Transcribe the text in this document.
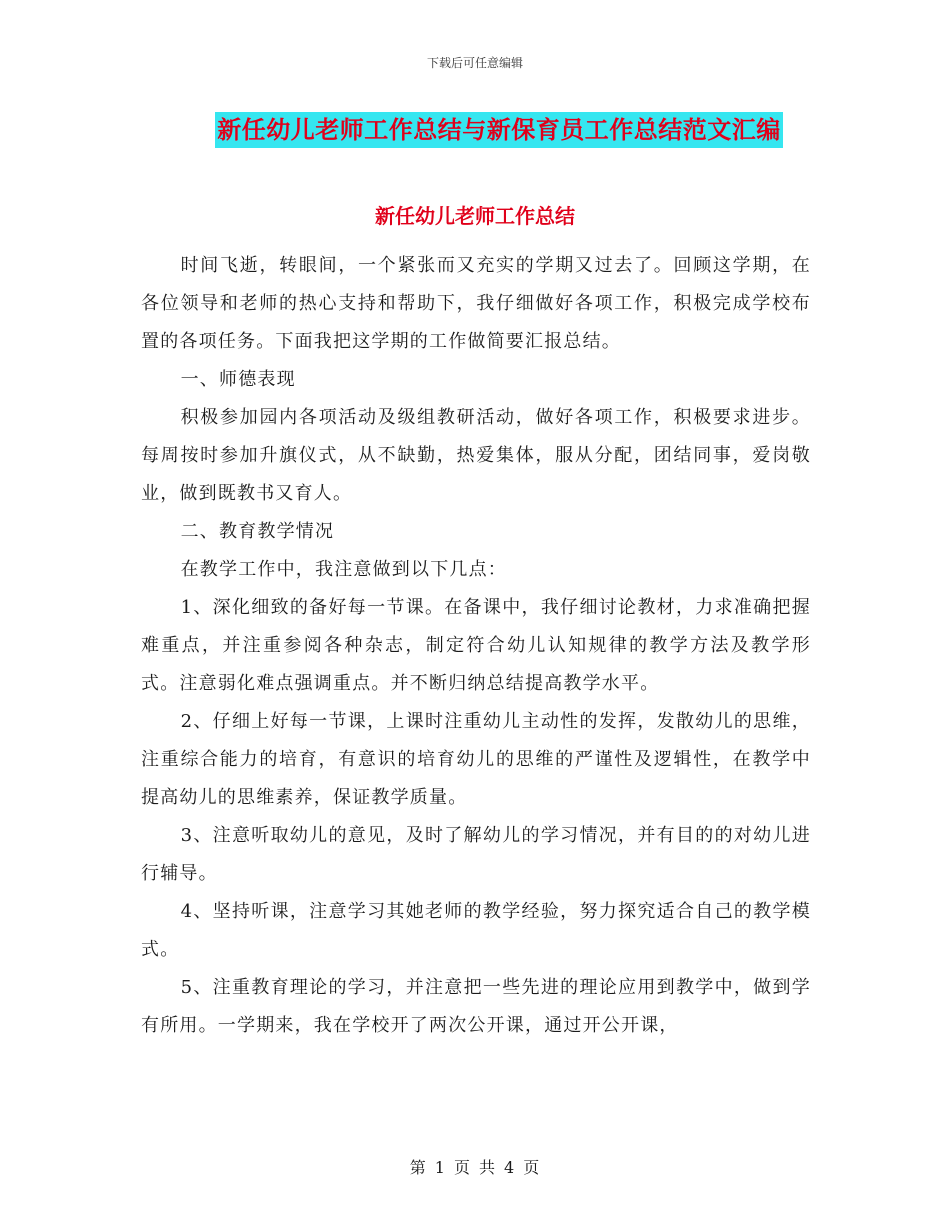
下载后可任意编辑
新任幼儿老师工作总结与新保育员工作总结范文汇编
新任幼儿老师工作总结

时间飞逝，转眼间，一个紧张而又充实的学期又过去了。回顾这学期，在各位领导和老师的热心支持和帮助下，我仔细做好各项工作，积极完成学校布置的各项任务。下面我把这学期的工作做简要汇报总结。

一、师德表现

积极参加园内各项活动及级组教研活动，做好各项工作，积极要求进步。每周按时参加升旗仪式，从不缺勤，热爱集体，服从分配，团结同事，爱岗敬业，做到既教书又育人。

二、教育教学情况

在教学工作中，我注意做到以下几点：

1、深化细致的备好每一节课。在备课中，我仔细讨论教材，力求准确把握难重点，并注重参阅各种杂志，制定符合幼儿认知规律的教学方法及教学形式。注意弱化难点强调重点。并不断归纳总结提高教学水平。

2、仔细上好每一节课，上课时注重幼儿主动性的发挥，发散幼儿的思维，注重综合能力的培育，有意识的培育幼儿的思维的严谨性及逻辑性，在教学中提高幼儿的思维素养，保证教学质量。

3、注意听取幼儿的意见，及时了解幼儿的学习情况，并有目的的对幼儿进行辅导。

4、坚持听课，注意学习其她老师的教学经验，努力探究适合自己的教学模式。

5、注重教育理论的学习，并注意把一些先进的理论应用到教学中，做到学有所用。一学期来，我在学校开了两次公开课，通过开公开课，

第 1 页 共 4 页
